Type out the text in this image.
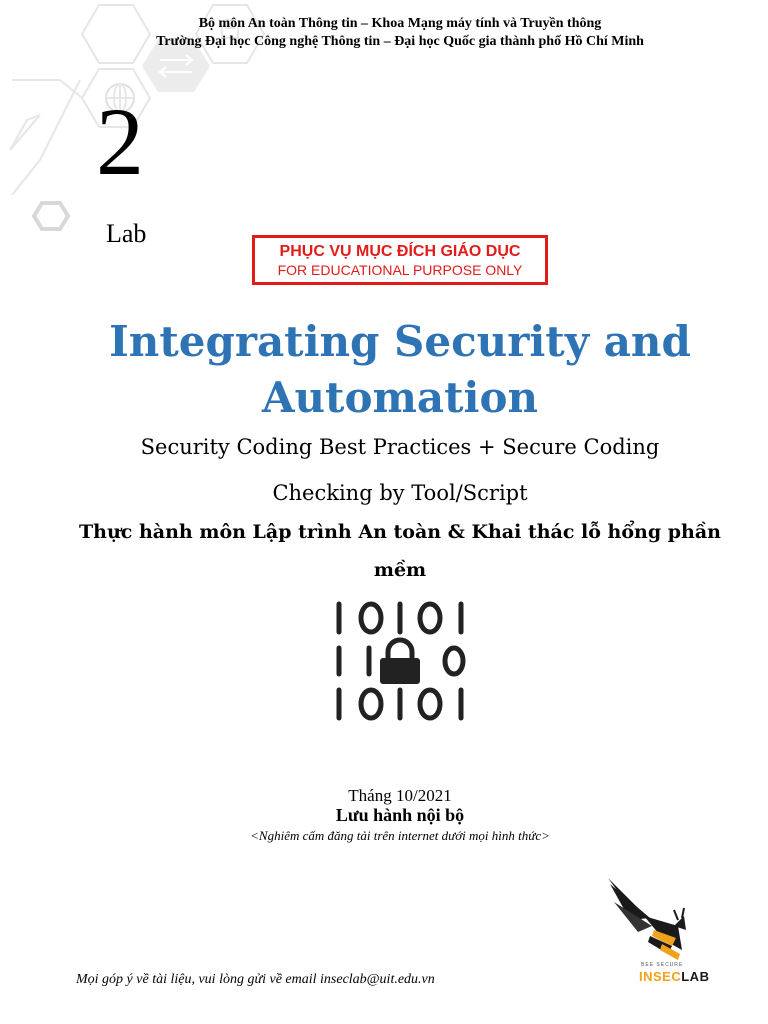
Bộ môn An toàn Thông tin – Khoa Mạng máy tính và Truyền thông
Trường Đại học Công nghệ Thông tin – Đại học Quốc gia thành phố Hồ Chí Minh
2
Lab
PHỤC VỤ MỤC ĐÍCH GIÁO DỤC
FOR EDUCATIONAL PURPOSE ONLY
Integrating Security and
Automation
Security Coding Best Practices + Secure Coding
Checking by Tool/Script
Thực hành môn Lập trình An toàn & Khai thác lỗ hổng phần
mềm
Tháng 10/2021
Lưu hành nội bộ
<Nghiêm cấm đăng tải trên internet dưới mọi hình thức>
Mọi góp ý về tài liệu, vui lòng gửi về email inseclab@uit.edu.vn
BEE SECURE
INSECLAB
